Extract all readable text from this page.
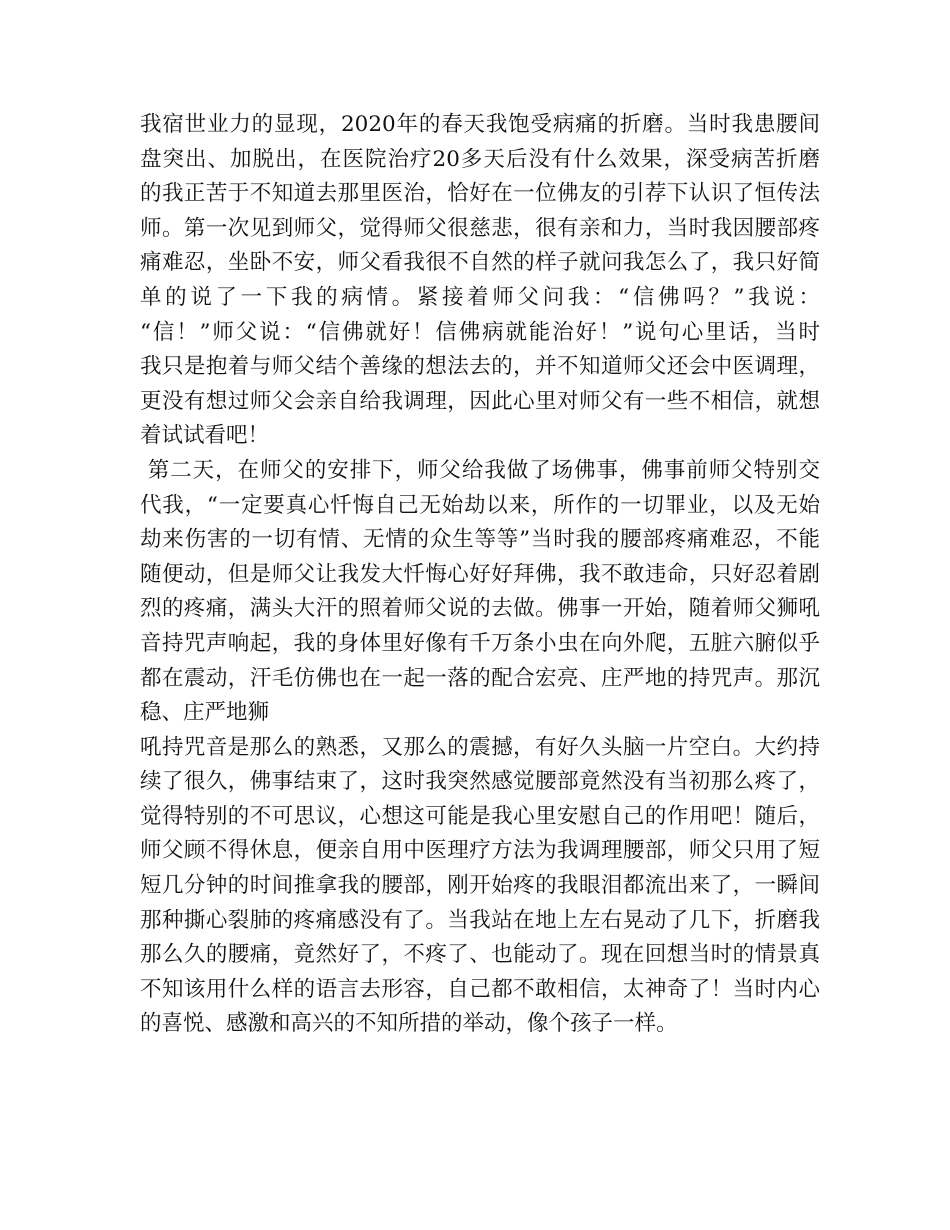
我宿世业力的显现，2020年的春天我饱受病痛的折磨。当时我患腰间
盘突出、加脱出，在医院治疗20多天后没有什么效果，深受病苦折磨
的我正苦于不知道去那里医治，恰好在一位佛友的引荐下认识了恒传法
师。第一次见到师父，觉得师父很慈悲，很有亲和力，当时我因腰部疼
痛难忍，坐卧不安，师父看我很不自然的样子就问我怎么了，我只好简
单的说了一下我的病情。紧接着师父问我：“信佛吗？”我说：
“信！”师父说：“信佛就好！信佛病就能治好！”说句心里话，当时
我只是抱着与师父结个善缘的想法去的，并不知道师父还会中医调理，
更没有想过师父会亲自给我调理，因此心里对师父有一些不相信，就想
着试试看吧！
第二天，在师父的安排下，师父给我做了场佛事，佛事前师父特别交
代我，“一定要真心忏悔自己无始劫以来，所作的一切罪业，以及无始
劫来伤害的一切有情、无情的众生等等”当时我的腰部疼痛难忍，不能
随便动，但是师父让我发大忏悔心好好拜佛，我不敢违命，只好忍着剧
烈的疼痛，满头大汗的照着师父说的去做。佛事一开始，随着师父狮吼
音持咒声响起，我的身体里好像有千万条小虫在向外爬，五脏六腑似乎
都在震动，汗毛仿佛也在一起一落的配合宏亮、庄严地的持咒声。那沉
稳、庄严地狮
吼持咒音是那么的熟悉，又那么的震撼，有好久头脑一片空白。大约持
续了很久，佛事结束了，这时我突然感觉腰部竟然没有当初那么疼了，
觉得特别的不可思议，心想这可能是我心里安慰自己的作用吧！随后，
师父顾不得休息，便亲自用中医理疗方法为我调理腰部，师父只用了短
短几分钟的时间推拿我的腰部，刚开始疼的我眼泪都流出来了，一瞬间
那种撕心裂肺的疼痛感没有了。当我站在地上左右晃动了几下，折磨我
那么久的腰痛，竟然好了，不疼了、也能动了。现在回想当时的情景真
不知该用什么样的语言去形容，自己都不敢相信，太神奇了！当时内心
的喜悦、感激和高兴的不知所措的举动，像个孩子一样。
